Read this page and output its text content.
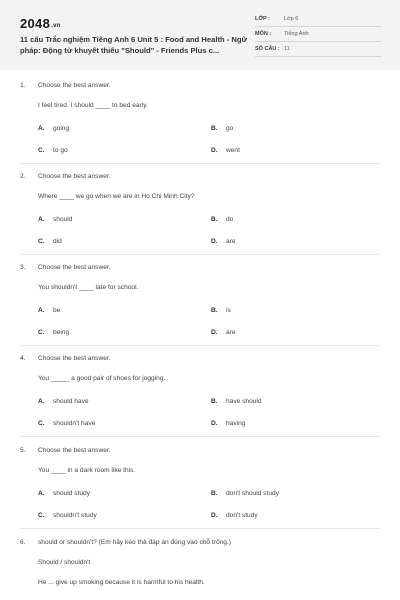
2048.vn
11 câu Trắc nghiệm Tiếng Anh 6 Unit 5 : Food and Health - Ngữ pháp: Động từ khuyết thiếu "Should" - Friends Plus c...
LỚP :	Lớp 6
MÔN : Tiếng Anh
SỐ CÂU : 11
1. Choose the best answer.
I feel tired. I should ____ to bed early.
A. going	B. go
C. to go	D. went
2. Choose the best answer.
Where ____ we go when we are in Ho Chi Minh City?
A. should	B. do
C. did	D. are
3. Choose the best answer.
You shouldn't ____ late for school.
A. be	B. is
C. being	D. are
4. Choose the best answer.
You _____ a good pair of shoes for jogging.
A. should have	B. have should
C. shouldn't have	D. having
5. Choose the best answer.
You ____ in a dark room like this.
A. should study	B. don't should study
C. shouldn't study	D. don't study
6. should or shouldn't? (Em hãy kéo thả đáp án đúng vào chỗ trống.)
Should / shouldn't
He ... give up smoking because it is harmful to his health.
